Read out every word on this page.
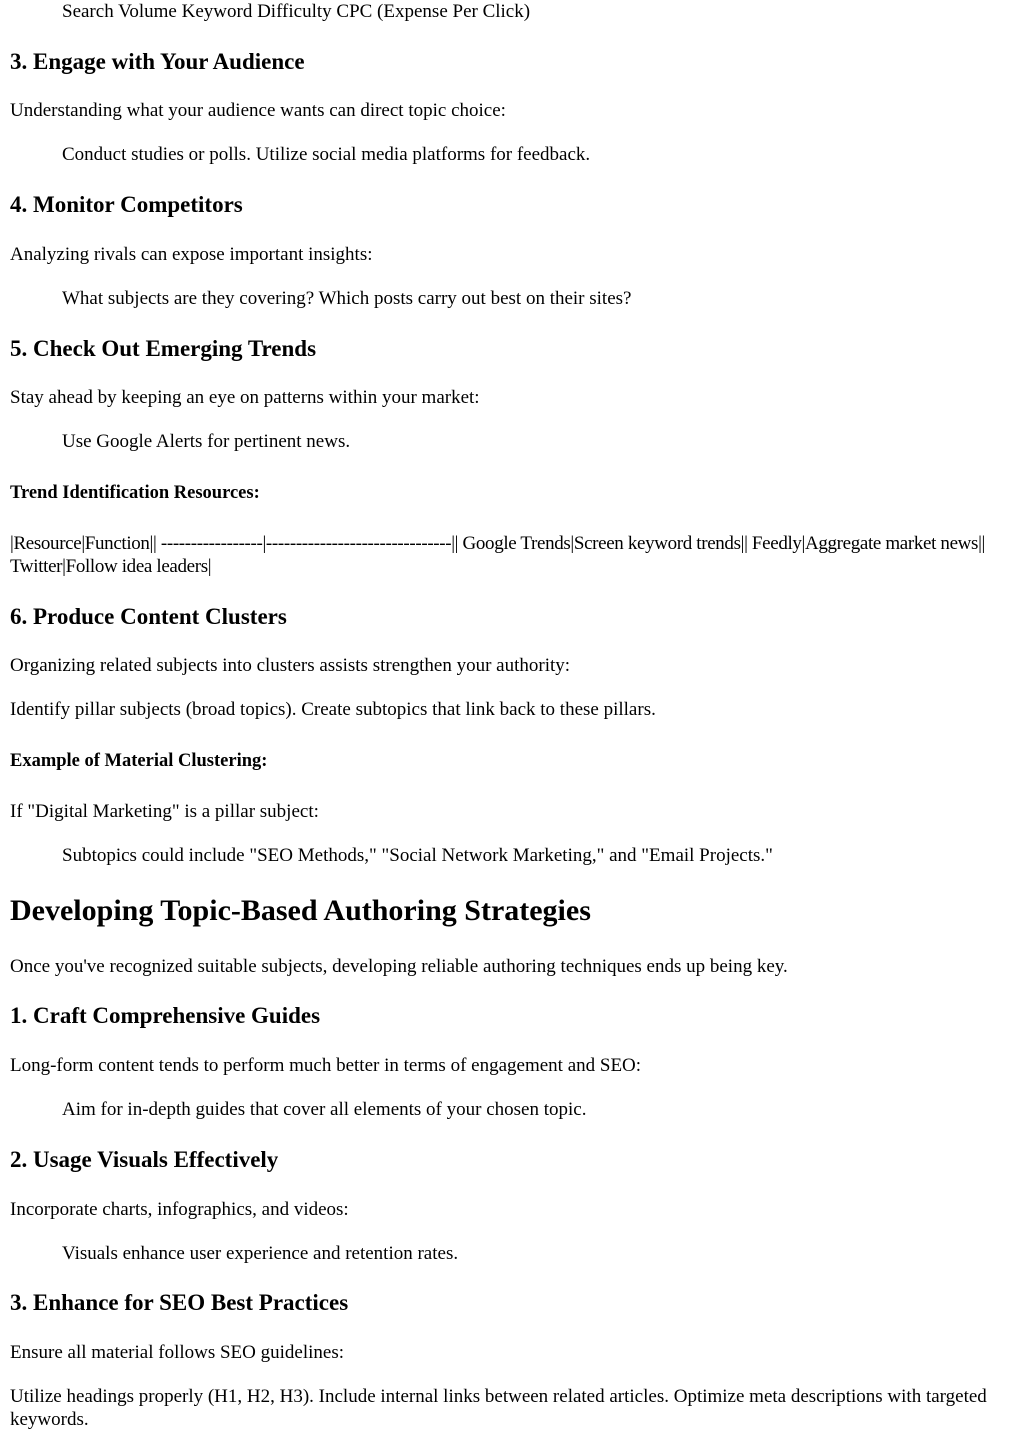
Search Volume Keyword Difficulty CPC (Expense Per Click)

3. Engage with Your Audience

Understanding what your audience wants can direct topic choice:

Conduct studies or polls. Utilize social media platforms for feedback.

4. Monitor Competitors

Analyzing rivals can expose important insights:

What subjects are they covering? Which posts carry out best on their sites?

5. Check Out Emerging Trends

Stay ahead by keeping an eye on patterns within your market:

Use Google Alerts for pertinent news.

Trend Identification Resources:

|Resource|Function|| -----------------|-------------------------------|| Google Trends|Screen keyword trends|| Feedly|Aggregate market news|| Twitter|Follow idea leaders|

6. Produce Content Clusters

Organizing related subjects into clusters assists strengthen your authority:

Identify pillar subjects (broad topics). Create subtopics that link back to these pillars.

Example of Material Clustering:

If "Digital Marketing" is a pillar subject:

Subtopics could include "SEO Methods," "Social Network Marketing," and "Email Projects."

Developing Topic-Based Authoring Strategies

Once you've recognized suitable subjects, developing reliable authoring techniques ends up being key.

1. Craft Comprehensive Guides

Long-form content tends to perform much better in terms of engagement and SEO:

Aim for in-depth guides that cover all elements of your chosen topic.

2. Usage Visuals Effectively

Incorporate charts, infographics, and videos:

Visuals enhance user experience and retention rates.

3. Enhance for SEO Best Practices

Ensure all material follows SEO guidelines:

Utilize headings properly (H1, H2, H3). Include internal links between related articles. Optimize meta descriptions with targeted keywords.
